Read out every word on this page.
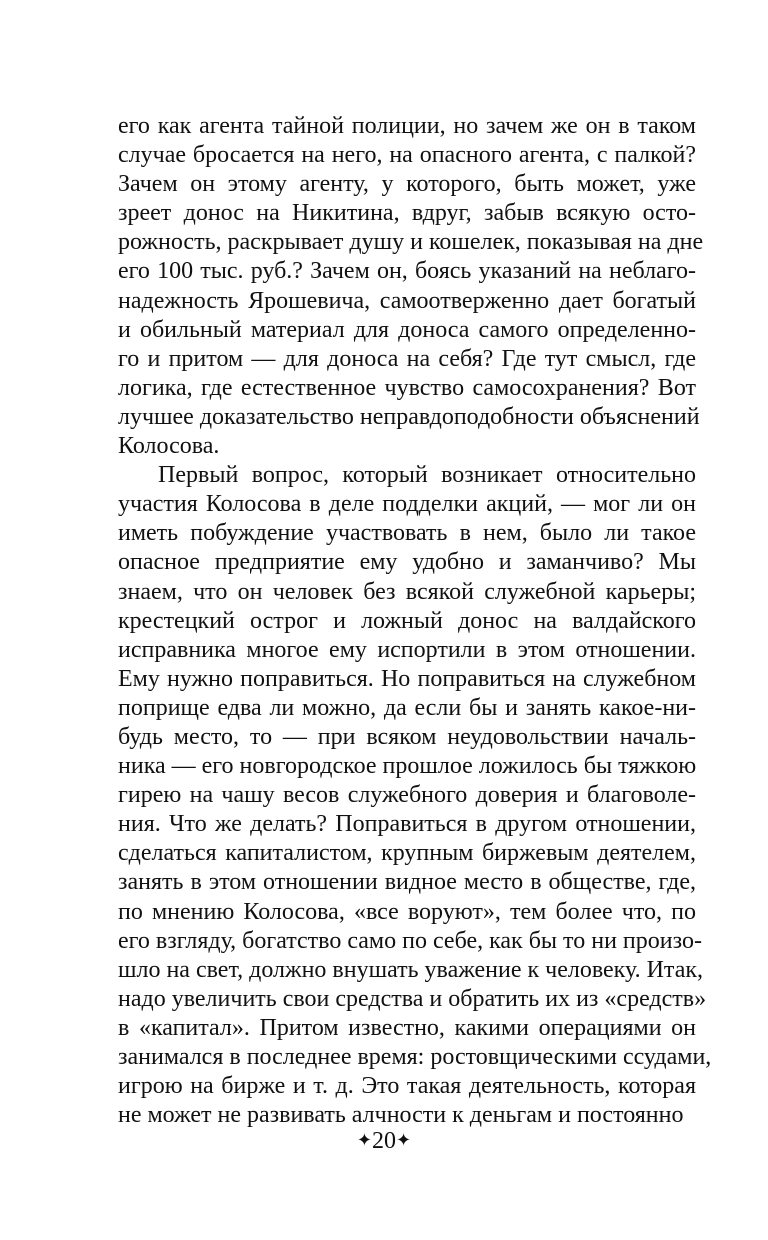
его как агента тайной полиции, но зачем же он в таком
случае бросается на него, на опасного агента, с палкой?
Зачем он этому агенту, у которого, быть может, уже
зреет донос на Никитина, вдруг, забыв всякую осто-
рожность, раскрывает душу и кошелек, показывая на дне
его 100 тыс. руб.? Зачем он, боясь указаний на неблаго-
надежность Ярошевича, самоотверженно дает богатый
и обильный материал для доноса самого определенно-
го и притом — для доноса на себя? Где тут смысл, где
логика, где естественное чувство самосохранения? Вот
лучшее доказательство неправдоподобности объяснений
Колосова.
Первый вопрос, который возникает относительно
участия Колосова в деле подделки акций, — мог ли он
иметь побуждение участвовать в нем, было ли такое
опасное предприятие ему удобно и заманчиво? Мы
знаем, что он человек без всякой служебной карьеры;
крестецкий острог и ложный донос на валдайского
исправника многое ему испортили в этом отношении.
Ему нужно поправиться. Но поправиться на служебном
поприще едва ли можно, да если бы и занять какое-ни-
будь место, то — при всяком неудовольствии началь-
ника — его новгородское прошлое ложилось бы тяжкою
гирею на чашу весов служебного доверия и благоволе-
ния. Что же делать? Поправиться в другом отношении,
сделаться капиталистом, крупным биржевым деятелем,
занять в этом отношении видное место в обществе, где,
по мнению Колосова, «все воруют», тем более что, по
его взгляду, богатство само по себе, как бы то ни произо-
шло на свет, должно внушать уважение к человеку. Итак,
надо увеличить свои средства и обратить их из «средств»
в «капитал». Притом известно, какими операциями он
занимался в последнее время: ростовщическими ссудами,
игрою на бирже и т. д. Это такая деятельность, которая
не может не развивать алчности к деньгам и постоянно
✦20✦
